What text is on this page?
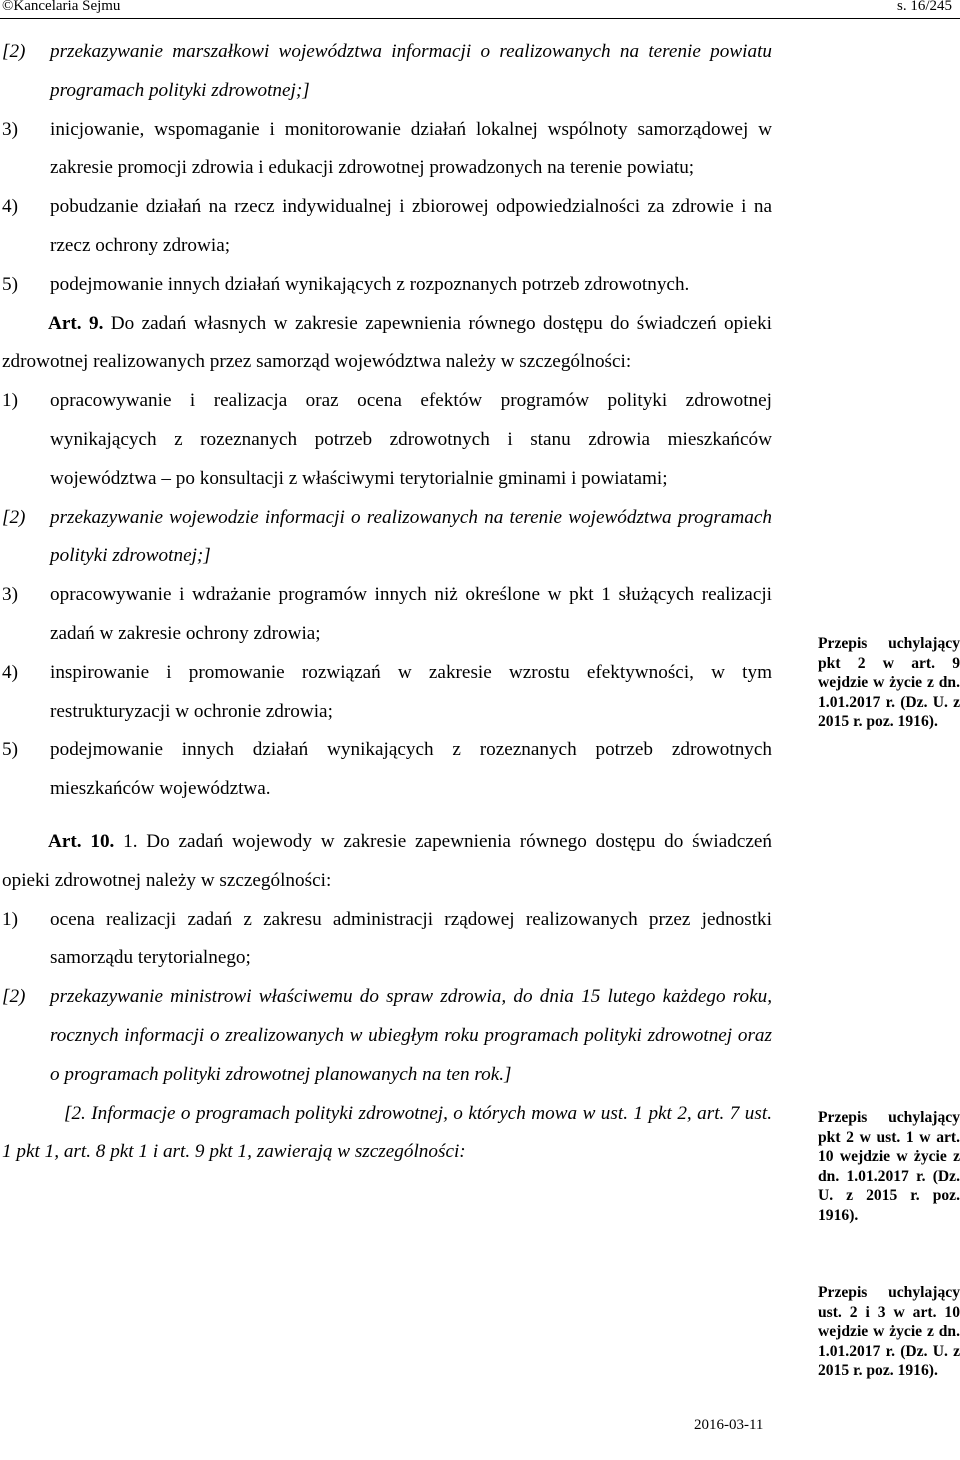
©Kancelaria Sejmu	s. 16/245
[2)	przekazywanie marszałkowi województwa informacji o realizowanych na terenie powiatu programach polityki zdrowotnej;]
3)	inicjowanie, wspomaganie i monitorowanie działań lokalnej wspólnoty samorządowej w zakresie promocji zdrowia i edukacji zdrowotnej prowadzonych na terenie powiatu;
4)	pobudzanie działań na rzecz indywidualnej i zbiorowej odpowiedzialności za zdrowie i na rzecz ochrony zdrowia;
5)	podejmowanie innych działań wynikających z rozpoznanych potrzeb zdrowotnych.

Art. 9. Do zadań własnych w zakresie zapewnienia równego dostępu do świadczeń opieki zdrowotnej realizowanych przez samorząd województwa należy w szczególności:

1)	opracowywanie i realizacja oraz ocena efektów programów polityki zdrowotnej wynikających z rozeznanych potrzeb zdrowotnych i stanu zdrowia mieszkańców województwa – po konsultacji z właściwymi terytorialnie gminami i powiatami;
[2)	przekazywanie wojewodzie informacji o realizowanych na terenie województwa programach polityki zdrowotnej;]
3)	opracowywanie i wdrażanie programów innych niż określone w pkt 1 służących realizacji zadań w zakresie ochrony zdrowia;
4)	inspirowanie i promowanie rozwiązań w zakresie wzrostu efektywności, w tym restrukturyzacji w ochronie zdrowia;
5)	podejmowanie innych działań wynikających z rozeznanych potrzeb zdrowotnych mieszkańców województwa.

Art. 10. 1. Do zadań wojewody w zakresie zapewnienia równego dostępu do świadczeń opieki zdrowotnej należy w szczególności:

1)	ocena realizacji zadań z zakresu administracji rządowej realizowanych przez jednostki samorządu terytorialnego;
[2)	przekazywanie ministrowi właściwemu do spraw zdrowia, do dnia 15 lutego każdego roku, rocznych informacji o zrealizowanych w ubiegłym roku programach polityki zdrowotnej oraz o programach polityki zdrowotnej planowanych na ten rok.]

[2. Informacje o programach polityki zdrowotnej, o których mowa w ust. 1 pkt 2, art. 7 ust. 1 pkt 1, art. 8 pkt 1 i art. 9 pkt 1, zawierają w szczególności:

Przepis uchylający pkt 2 w art. 9 wejdzie w życie z dn. 1.01.2017 r. (Dz. U. z 2015 r. poz. 1916).
Przepis uchylający pkt 2 w ust. 1 w art. 10 wejdzie w życie z dn. 1.01.2017 r. (Dz. U. z 2015 r. poz. 1916).
Przepis uchylający ust. 2 i 3 w art. 10 wejdzie w życie z dn. 1.01.2017 r. (Dz. U. z 2015 r. poz. 1916).
2016-03-11
